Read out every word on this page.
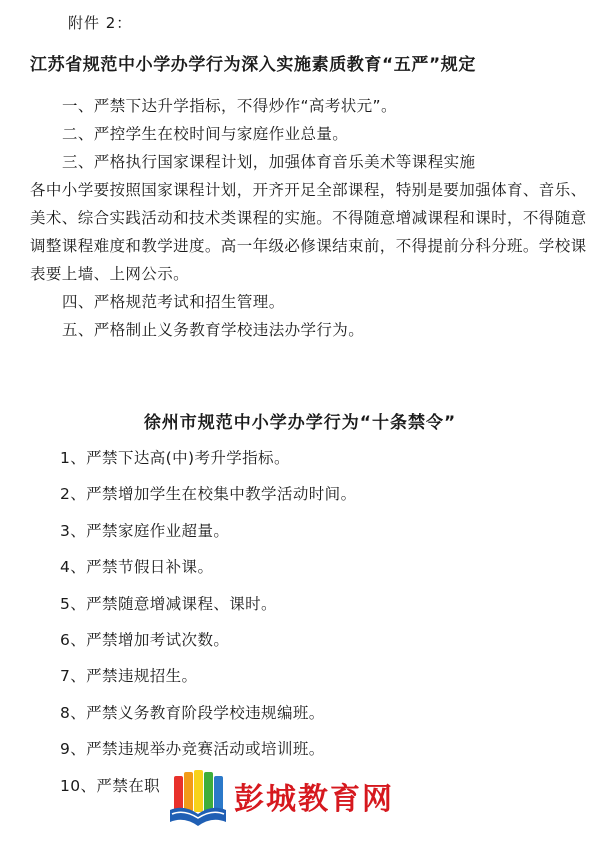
附件 2：
江苏省规范中小学办学行为深入实施素质教育“五严”规定

一、严禁下达升学指标，不得炒作“高考状元”。

二、严控学生在校时间与家庭作业总量。

三、严格执行国家课程计划，加强体育音乐美术等课程实施

各中小学要按照国家课程计划，开齐开足全部课程，特别是要加强体育、音乐、美术、综合实践活动和技术类课程的实施。不得随意增减课程和课时，不得随意调整课程难度和教学进度。高一年级必修课结束前，不得提前分科分班。学校课表要上墙、上网公示。

四、严格规范考试和招生管理。

五、严格制止义务教育学校违法办学行为。

徐州市规范中小学办学行为“十条禁令”
1、严禁下达高(中)考升学指标。
2、严禁增加学生在校集中教学活动时间。
3、严禁家庭作业超量。
4、严禁节假日补课。
5、严禁随意增减课程、课时。
6、严禁增加考试次数。
7、严禁违规招生。
8、严禁义务教育阶段学校违规编班。
9、严禁违规举办竞赛活动或培训班。
10、严禁在职	彭城教育网
